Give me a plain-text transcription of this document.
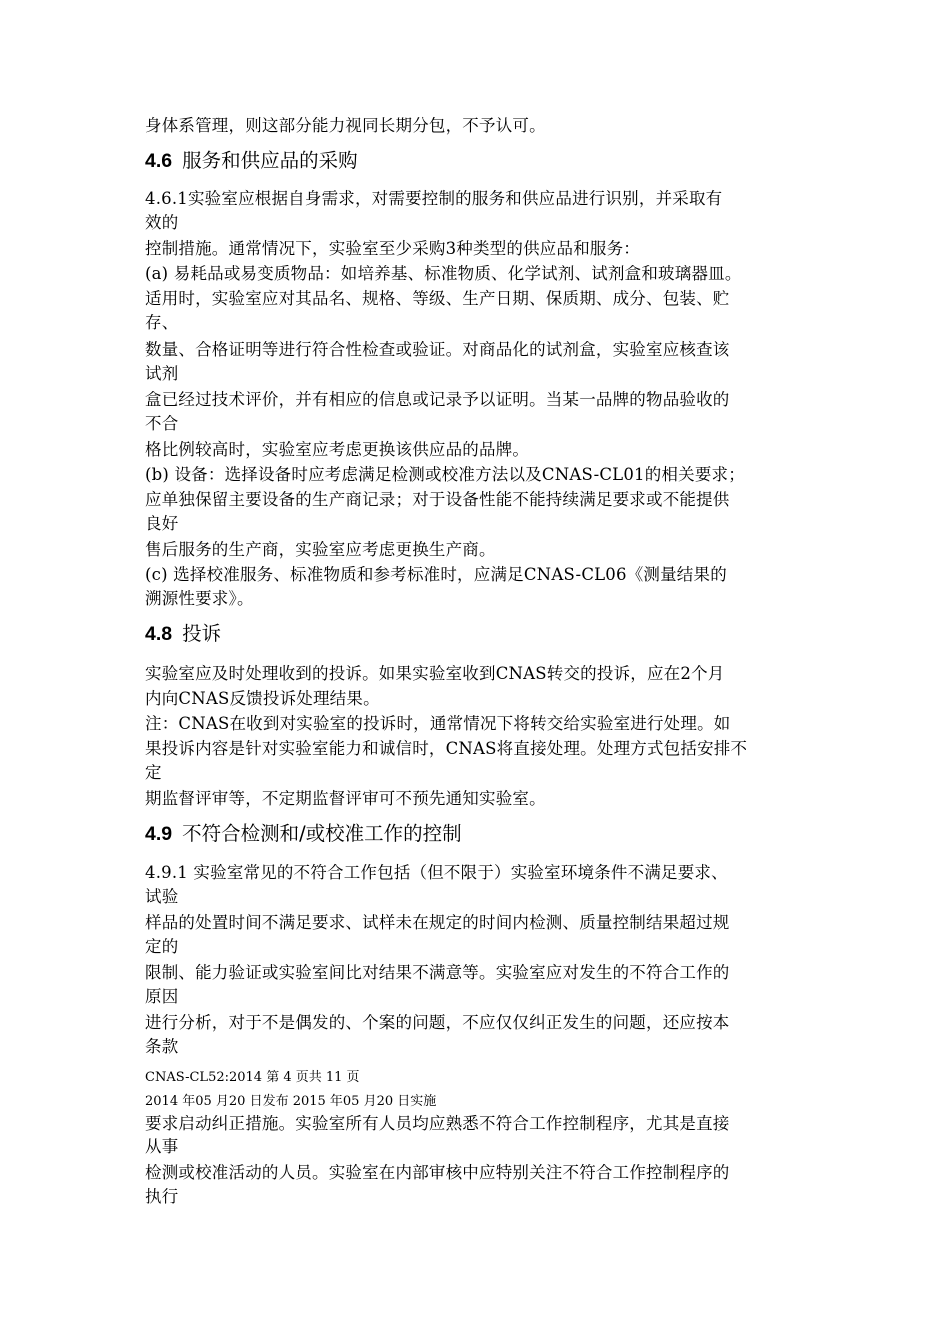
身体系管理，则这部分能力视同长期分包，不予认可。
4.6 服务和供应品的采购
4.6.1实验室应根据自身需求，对需要控制的服务和供应品进行识别，并采取有
效的
控制措施。通常情况下，实验室至少采购3种类型的供应品和服务：
(a) 易耗品或易变质物品：如培养基、标准物质、化学试剂、试剂盒和玻璃器皿。
适用时，实验室应对其品名、规格、等级、生产日期、保质期、成分、包装、贮
存、
数量、合格证明等进行符合性检查或验证。对商品化的试剂盒，实验室应核查该
试剂
盒已经过技术评价，并有相应的信息或记录予以证明。当某一品牌的物品验收的
不合
格比例较高时，实验室应考虑更换该供应品的品牌。
(b) 设备：选择设备时应考虑满足检测或校准方法以及CNAS-CL01的相关要求；
应单独保留主要设备的生产商记录；对于设备性能不能持续满足要求或不能提供
良好
售后服务的生产商，实验室应考虑更换生产商。
(c) 选择校准服务、标准物质和参考标准时，应满足CNAS-CL06《测量结果的
溯源性要求》。
4.8 投诉
实验室应及时处理收到的投诉。如果实验室收到CNAS转交的投诉，应在2个月
内向CNAS反馈投诉处理结果。
注：CNAS在收到对实验室的投诉时，通常情况下将转交给实验室进行处理。如
果投诉内容是针对实验室能力和诚信时，CNAS将直接处理。处理方式包括安排不
定
期监督评审等，不定期监督评审可不预先通知实验室。
4.9 不符合检测和/或校准工作的控制
4.9.1 实验室常见的不符合工作包括（但不限于）实验室环境条件不满足要求、
试验
样品的处置时间不满足要求、试样未在规定的时间内检测、质量控制结果超过规
定的
限制、能力验证或实验室间比对结果不满意等。实验室应对发生的不符合工作的
原因
进行分析，对于不是偶发的、个案的问题，不应仅仅纠正发生的问题，还应按本
条款
CNAS-CL52:2014 第 4 页共 11 页
2014 年05 月20 日发布 2015 年05 月20 日实施
要求启动纠正措施。实验室所有人员均应熟悉不符合工作控制程序，尤其是直接
从事
检测或校准活动的人员。实验室在内部审核中应特别关注不符合工作控制程序的
执行
